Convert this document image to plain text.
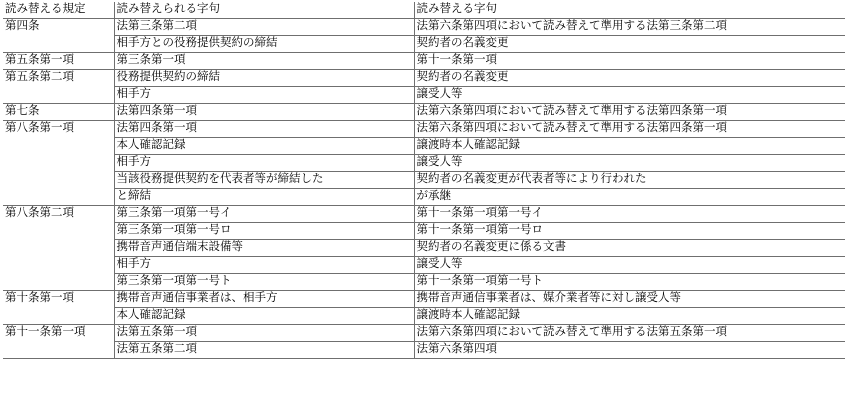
読み替える規定	読み替えられる字句	読み替える字句
第四条	法第三条第二項	法第六条第四項において読み替えて準用する法第三条第二項
	相手方との役務提供契約の締結	契約者の名義変更
第五条第一項	第三条第一項	第十一条第一項
第五条第二項	役務提供契約の締結	契約者の名義変更
	相手方	譲受人等
第七条	法第四条第一項	法第六条第四項において読み替えて準用する法第四条第一項
第八条第一項	法第四条第一項	法第六条第四項において読み替えて準用する法第四条第一項
	本人確認記録	譲渡時本人確認記録
	相手方	譲受人等
	当該役務提供契約を代表者等が締結した	契約者の名義変更が代表者等により行われた
	と締結	が承継
第八条第二項	第三条第一項第一号イ	第十一条第一項第一号イ
	第三条第一項第一号ロ	第十一条第一項第一号ロ
	携帯音声通信端末設備等	契約者の名義変更に係る文書
	相手方	譲受人等
	第三条第一項第一号ト	第十一条第一項第一号ト
第十条第一項	携帯音声通信事業者は、相手方	携帯音声通信事業者は、媒介業者等に対し譲受人等
	本人確認記録	譲渡時本人確認記録
第十一条第一項	法第五条第一項	法第六条第四項において読み替えて準用する法第五条第一項
	法第五条第二項	法第六条第四項
